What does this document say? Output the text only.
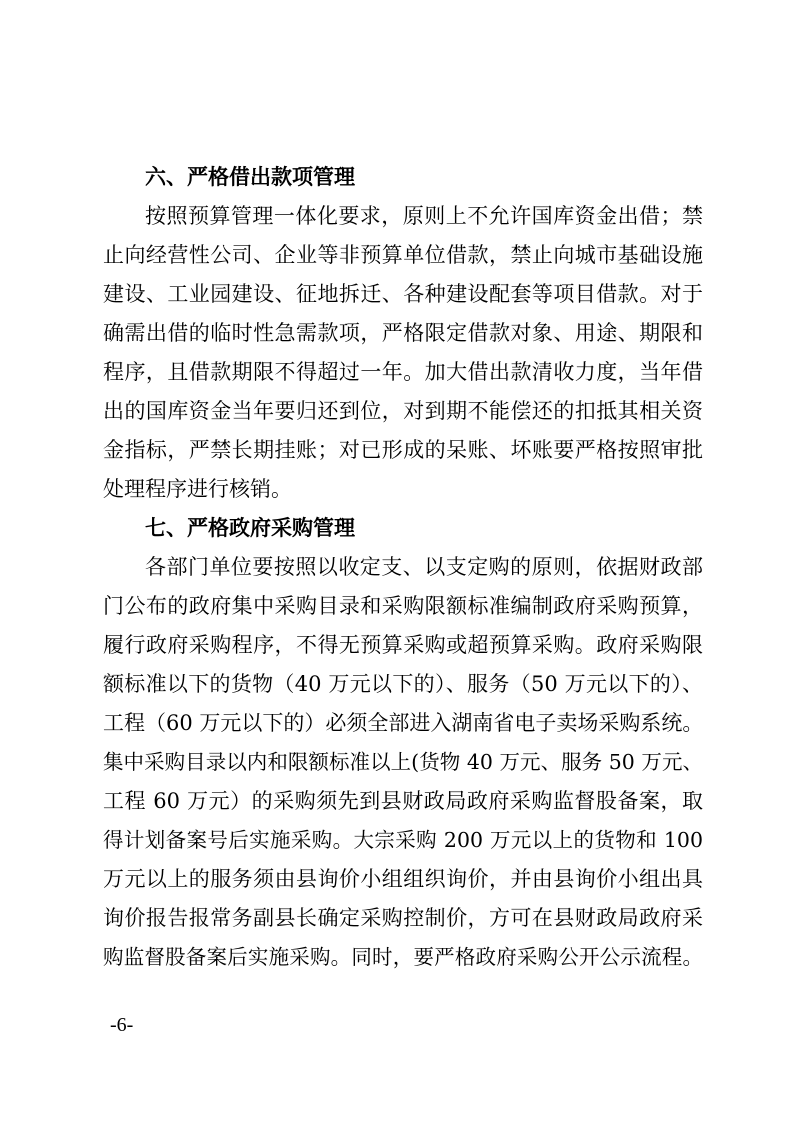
六、严格借出款项管理
按照预算管理一体化要求，原则上不允许国库资金出借；禁
止向经营性公司、企业等非预算单位借款，禁止向城市基础设施
建设、工业园建设、征地拆迁、各种建设配套等项目借款。对于
确需出借的临时性急需款项，严格限定借款对象、用途、期限和
程序，且借款期限不得超过一年。加大借出款清收力度，当年借
出的国库资金当年要归还到位，对到期不能偿还的扣抵其相关资
金指标，严禁长期挂账；对已形成的呆账、坏账要严格按照审批
处理程序进行核销。
七、严格政府采购管理
各部门单位要按照以收定支、以支定购的原则，依据财政部
门公布的政府集中采购目录和采购限额标准编制政府采购预算，
履行政府采购程序，不得无预算采购或超预算采购。政府采购限
额标准以下的货物（40 万元以下的）、服务（50 万元以下的）、
工程（60 万元以下的）必须全部进入湖南省电子卖场采购系统。
集中采购目录以内和限额标准以上(货物 40 万元、服务 50 万元、
工程 60 万元）的采购须先到县财政局政府采购监督股备案，取
得计划备案号后实施采购。大宗采购 200 万元以上的货物和 100
万元以上的服务须由县询价小组组织询价，并由县询价小组出具
询价报告报常务副县长确定采购控制价，方可在县财政局政府采
购监督股备案后实施采购。同时，要严格政府采购公开公示流程。
-6-
